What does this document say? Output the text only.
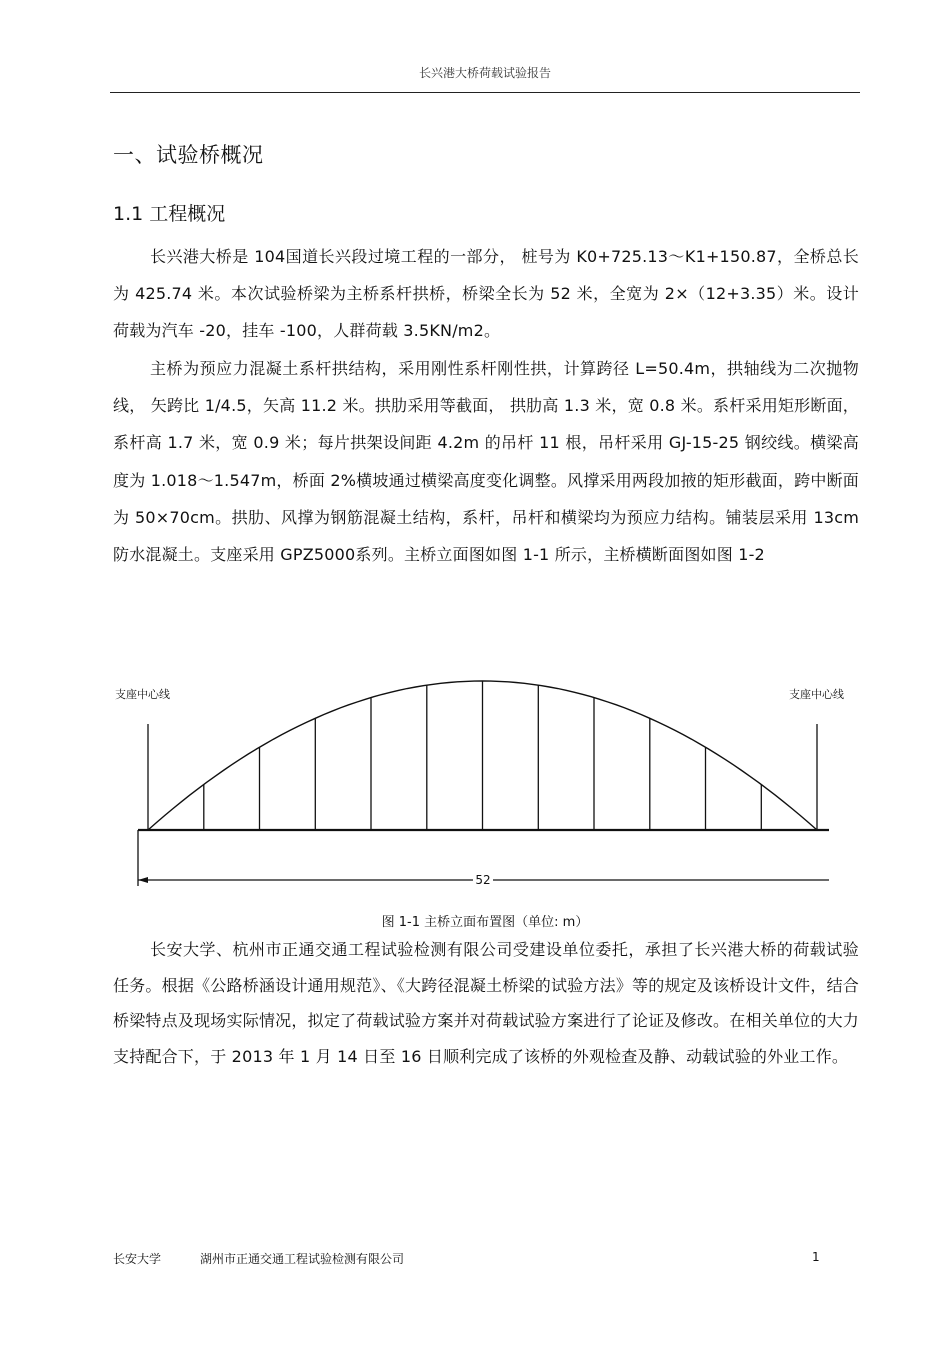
长兴港大桥荷载试验报告
一、试验桥概况
1.1 工程概况
长兴港大桥是 104国道长兴段过境工程的一部分， 桩号为 K0+725.13～K1+150.87，全桥总长为 425.74 米。本次试验桥梁为主桥系杆拱桥，桥梁全长为 52 米，全宽为 2×（12+3.35）米。设计荷载为汽车 -20，挂车 -100，人群荷载 3.5KN/m2。
主桥为预应力混凝土系杆拱结构，采用刚性系杆刚性拱，计算跨径 L=50.4m，拱轴线为二次抛物线， 矢跨比 1/4.5，矢高 11.2 米。拱肋采用等截面， 拱肋高 1.3 米，宽 0.8 米。系杆采用矩形断面，系杆高 1.7 米，宽 0.9 米；每片拱架设间距 4.2m 的吊杆 11 根，吊杆采用 GJ-15-25 钢绞线。横梁高度为 1.018～1.547m，桥面 2%横坡通过横梁高度变化调整。风撑采用两段加掖的矩形截面，跨中断面为 50×70cm。拱肋、风撑为钢筋混凝土结构，系杆，吊杆和横梁均为预应力结构。铺装层采用 13cm防水混凝土。支座采用 GPZ5000系列。主桥立面图如图 1-1 所示，主桥横断面图如图 1-2
支座中心线	支座中心线
52
图 1-1 主桥立面布置图（单位: m）
长安大学、杭州市正通交通工程试验检测有限公司受建设单位委托，承担了长兴港大桥的荷载试验任务。根据《公路桥涵设计通用规范》、《大跨径混凝土桥梁的试验方法》等的规定及该桥设计文件，结合桥梁特点及现场实际情况，拟定了荷载试验方案并对荷载试验方案进行了论证及修改。在相关单位的大力支持配合下，于 2013 年 1 月 14 日至 16 日顺利完成了该桥的外观检查及静、动载试验的外业工作。
长安大学	湖州市正通交通工程试验检测有限公司	1
